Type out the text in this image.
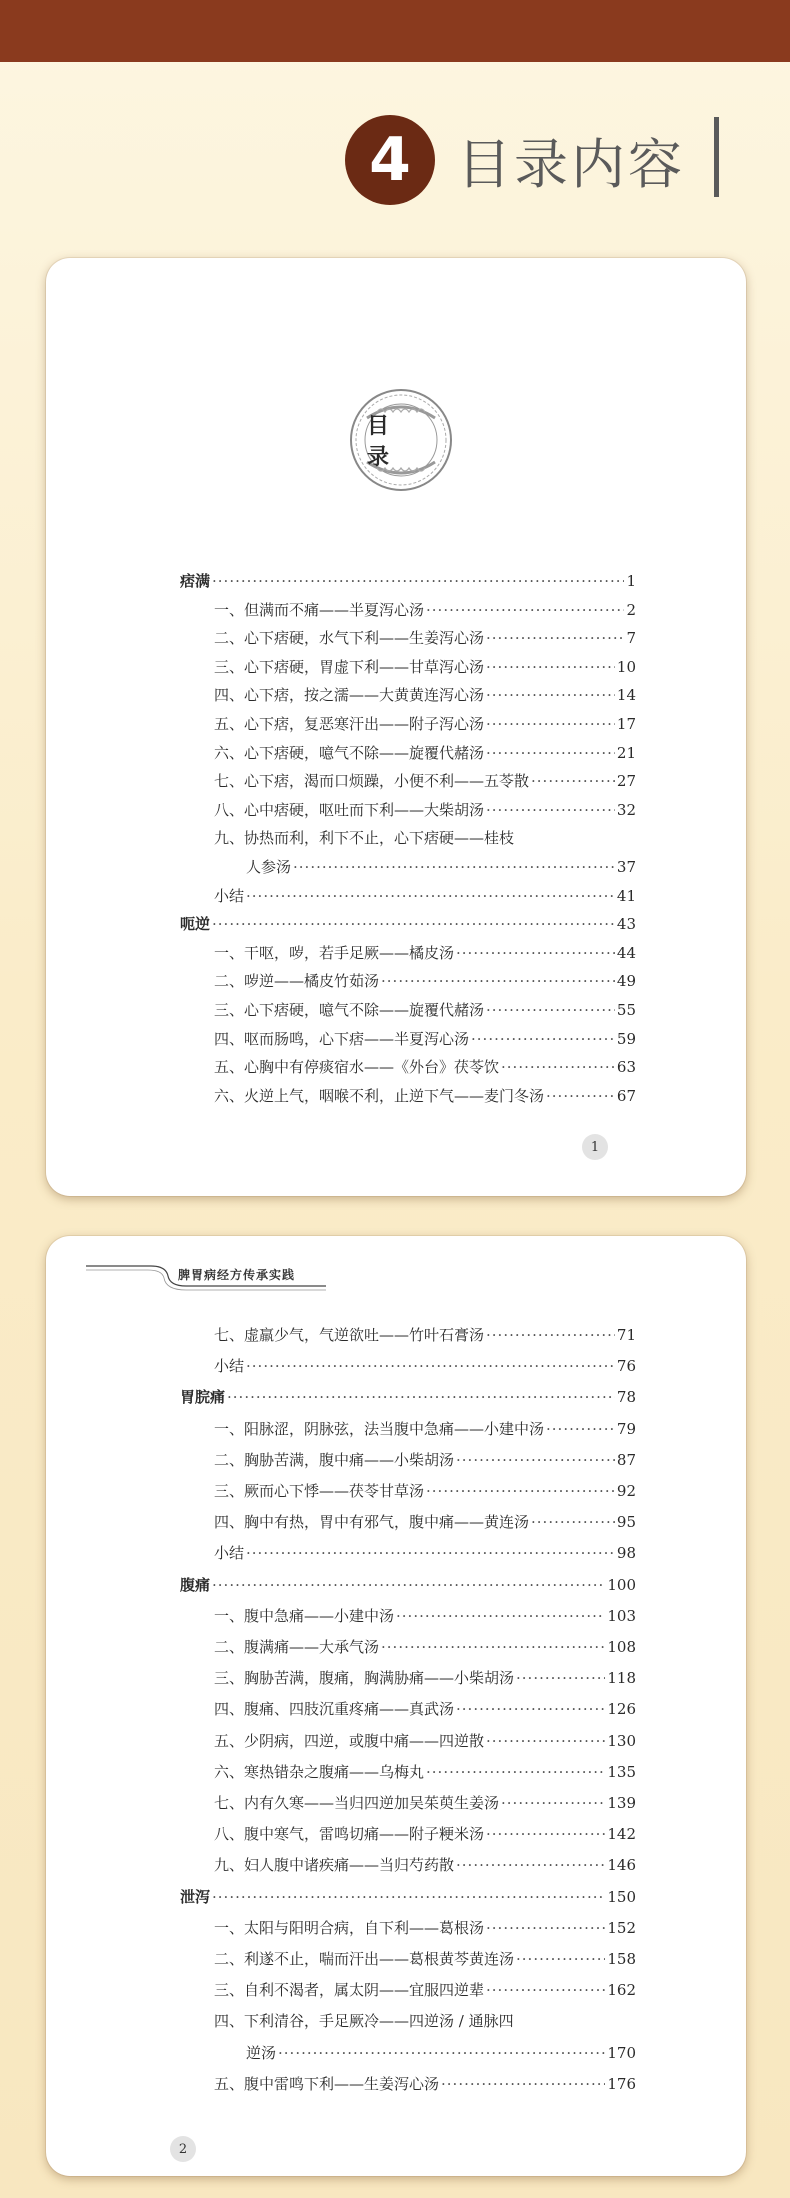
4 目录内容
目 录
痞满 ·····	1
一、但满而不痛——半夏泻心汤 ·····	2
二、心下痞硬，水气下利——生姜泻心汤 ·····	7
三、心下痞硬，胃虚下利——甘草泻心汤 ·····	10
四、心下痞，按之濡——大黄黄连泻心汤 ·····	14
五、心下痞，复恶寒汗出——附子泻心汤 ·····	17
六、心下痞硬，噫气不除——旋覆代赭汤 ·····	21
七、心下痞，渴而口烦躁，小便不利——五苓散 ·····	27
八、心中痞硬，呕吐而下利——大柴胡汤 ·····	32
九、协热而利，利下不止，心下痞硬——桂枝
人参汤 ·····	37
小结 ·····	41
呃逆 ·····	43
一、干呕，哕，若手足厥——橘皮汤 ·····	44
二、哕逆——橘皮竹茹汤 ·····	49
三、心下痞硬，噫气不除——旋覆代赭汤 ·····	55
四、呕而肠鸣，心下痞——半夏泻心汤 ·····	59
五、心胸中有停痰宿水——《外台》茯苓饮 ·····	63
六、火逆上气，咽喉不利，止逆下气——麦门冬汤 ·····	67
1
脾胃病经方传承实践
七、虚羸少气，气逆欲吐——竹叶石膏汤 ·····	71
小结 ·····	76
胃脘痛 ·····	78
一、阳脉涩，阴脉弦，法当腹中急痛——小建中汤 ·····	79
二、胸胁苦满，腹中痛——小柴胡汤 ·····	87
三、厥而心下悸——茯苓甘草汤 ·····	92
四、胸中有热，胃中有邪气，腹中痛——黄连汤 ·····	95
小结 ·····	98
腹痛 ·····	100
一、腹中急痛——小建中汤 ·····	103
二、腹满痛——大承气汤 ·····	108
三、胸胁苦满，腹痛，胸满胁痛——小柴胡汤 ·····	118
四、腹痛、四肢沉重疼痛——真武汤 ·····	126
五、少阴病，四逆，或腹中痛——四逆散 ·····	130
六、寒热错杂之腹痛——乌梅丸 ·····	135
七、内有久寒——当归四逆加吴茱萸生姜汤 ·····	139
八、腹中寒气，雷鸣切痛——附子粳米汤 ·····	142
九、妇人腹中诸疾痛——当归芍药散 ·····	146
泄泻 ·····	150
一、太阳与阳明合病，自下利——葛根汤 ·····	152
二、利遂不止，喘而汗出——葛根黄芩黄连汤 ·····	158
三、自利不渴者，属太阴——宜服四逆辈 ·····	162
四、下利清谷，手足厥冷——四逆汤 / 通脉四
逆汤 ·····	170
五、腹中雷鸣下利——生姜泻心汤 ·····	176
2
